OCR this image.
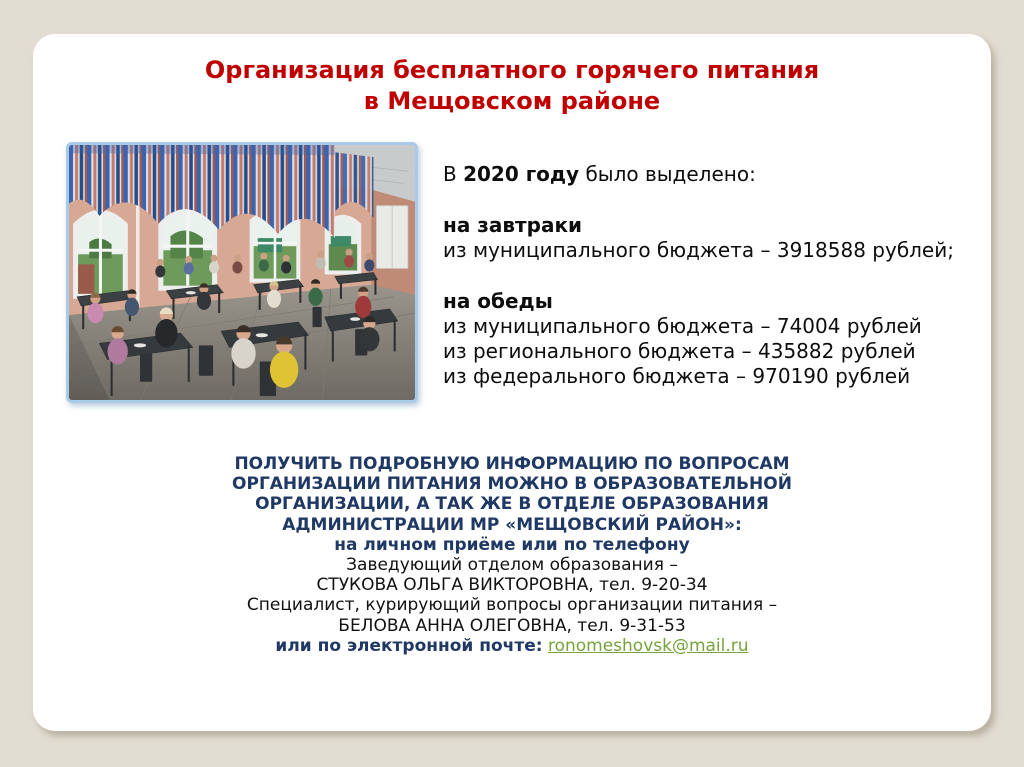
Организация бесплатного горячего питания
в Мещовском районе

В 2020 году было выделено:

на завтраки

из муниципального бюджета – 3918588 рублей;

на обеды

из муниципального бюджета – 74004 рублей

из регионального бюджета – 435882 рублей

из федерального бюджета – 970190 рублей

ПОЛУЧИТЬ ПОДРОБНУЮ ИНФОРМАЦИЮ ПО ВОПРОСАМ
ОРГАНИЗАЦИИ ПИТАНИЯ МОЖНО В ОБРАЗОВАТЕЛЬНОЙ
ОРГАНИЗАЦИИ, А ТАК ЖЕ В ОТДЕЛЕ ОБРАЗОВАНИЯ
АДМИНИСТРАЦИИ МР «МЕЩОВСКИЙ РАЙОН»:
на личном приёме или по телефону
Заведующий отделом образования –
СТУКОВА ОЛЬГА ВИКТОРОВНА, тел. 9-20-34
Специалист, курирующий вопросы организации питания –
БЕЛОВА АННА ОЛЕГОВНА, тел. 9-31-53
или по электронной почте: ronomeshovsk@mail.ru
